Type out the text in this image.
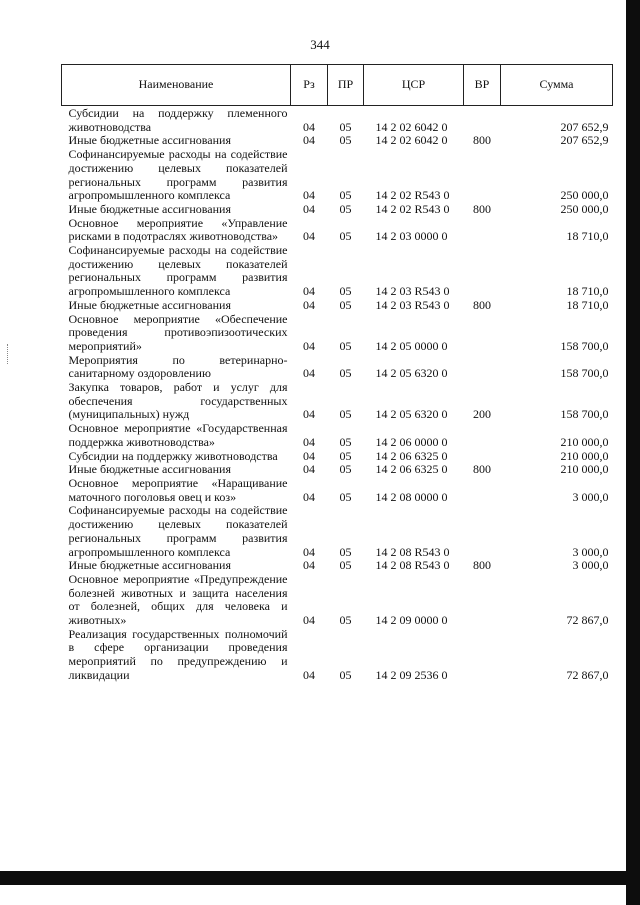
344
Наименование	Рз	ПР	ЦСР	ВР	Сумма
Субсидии на поддержку племенного животноводства	04	05	14 2 02 6042 0		207 652,9
Иные бюджетные ассигнования	04	05	14 2 02 6042 0	800	207 652,9
Софинансируемые расходы на содействие достижению целевых показателей региональных программ развития агропромышленного комплекса	04	05	14 2 02 R543 0		250 000,0
Иные бюджетные ассигнования	04	05	14 2 02 R543 0	800	250 000,0
Основное мероприятие «Управление рисками в подотраслях животноводства»	04	05	14 2 03 0000 0		18 710,0
Софинансируемые расходы на содействие достижению целевых показателей региональных программ развития агропромышленного комплекса	04	05	14 2 03 R543 0		18 710,0
Иные бюджетные ассигнования	04	05	14 2 03 R543 0	800	18 710,0
Основное мероприятие «Обеспечение проведения противоэпизоотических мероприятий»	04	05	14 2 05 0000 0		158 700,0
Мероприятия по ветеринарно-санитарному оздоровлению	04	05	14 2 05 6320 0		158 700,0
Закупка товаров, работ и услуг для обеспечения государственных (муниципальных) нужд	04	05	14 2 05 6320 0	200	158 700,0
Основное мероприятие «Государственная поддержка животноводства»	04	05	14 2 06 0000 0		210 000,0
Субсидии на поддержку животноводства	04	05	14 2 06 6325 0		210 000,0
Иные бюджетные ассигнования	04	05	14 2 06 6325 0	800	210 000,0
Основное мероприятие «Наращивание маточного поголовья овец и коз»	04	05	14 2 08 0000 0		3 000,0
Софинансируемые расходы на содействие достижению целевых показателей региональных программ развития агропромышленного комплекса	04	05	14 2 08 R543 0		3 000,0
Иные бюджетные ассигнования	04	05	14 2 08 R543 0	800	3 000,0
Основное мероприятие «Предупреждение болезней животных и защита населения от болезней, общих для человека и животных»	04	05	14 2 09 0000 0		72 867,0
Реализация государственных полномочий в сфере организации проведения мероприятий по предупреждению и ликвидации	04	05	14 2 09 2536 0		72 867,0
